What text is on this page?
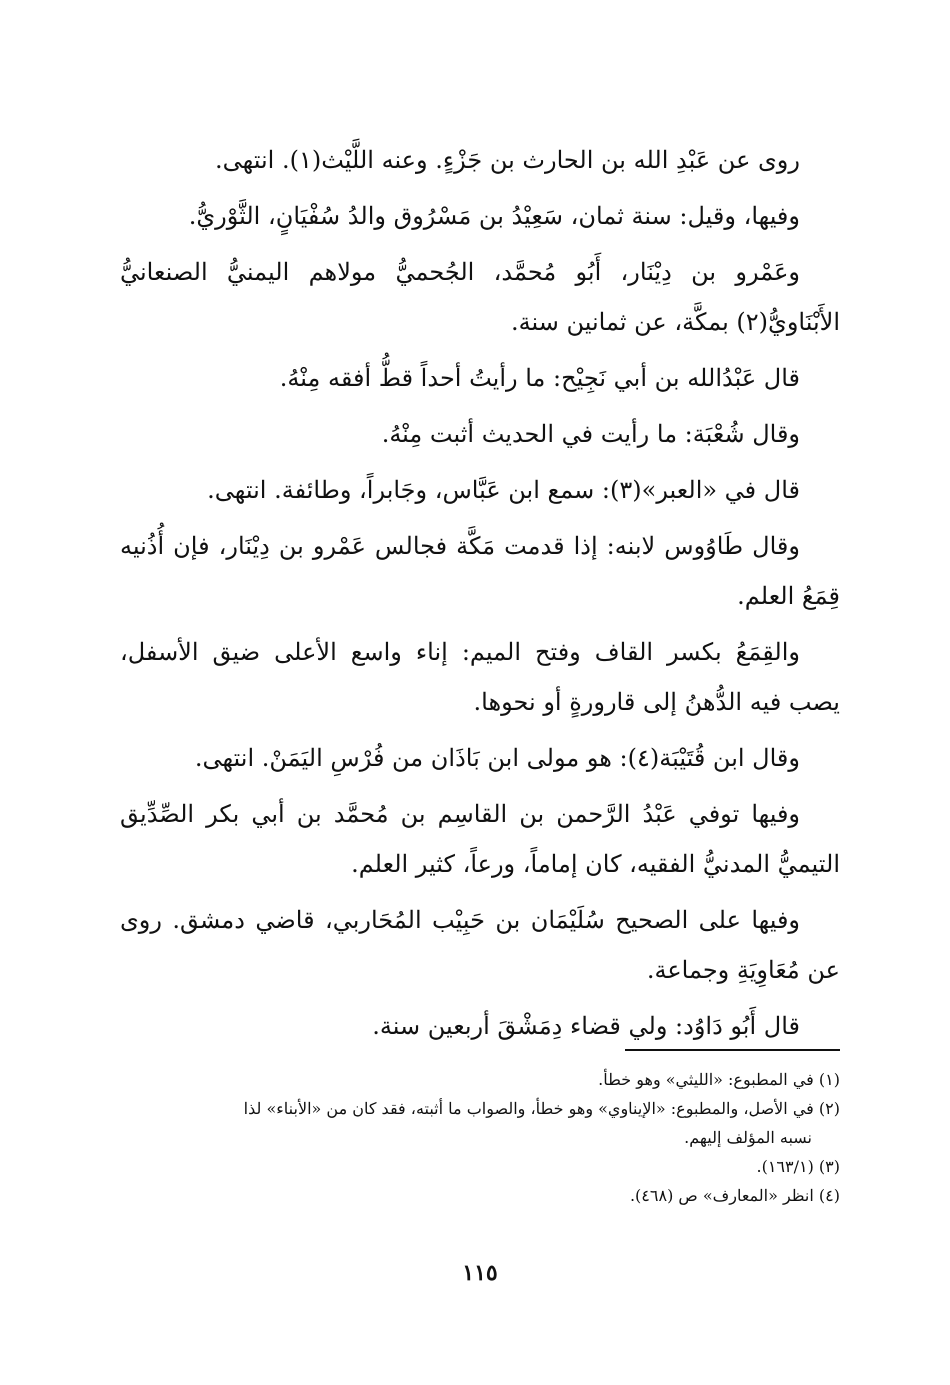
روى عن عَبْدِ الله بن الحارث بن جَزْءٍ. وعنه اللَّيْث(١). انتهى.

وفيها، وقيل: سنة ثمان، سَعِيْدُ بن مَسْرُوق والدُ سُفْيَانٍ، الثَّوْريُّ.

وعَمْرو بن دِيْنَار، أَبُو مُحمَّد، الجُحميُّ مولاهم اليمنيُّ الصنعانيُّ الأَبْنَاويُّ(٢) بمكَّة، عن ثمانين سنة.

قال عَبْدُالله بن أبي نَجِيْح: ما رأيتُ أحداً قطُّ أفقه مِنْهُ.

وقال شُعْبَة: ما رأيت في الحديث أثبت مِنْهُ.

قال في «العبر»(٣): سمع ابن عَبَّاس، وجَابراً، وطائفة. انتهى.

وقال طَاوُوس لابنه: إذا قدمت مَكَّة فجالس عَمْرو بن دِيْنَار، فإن أُذُنيه قِمَعُ العلم.

والقِمَعُ بكسر القاف وفتح الميم: إناء واسع الأعلى ضيق الأسفل، يصب فيه الدُّهنُ إلى قارورةٍ أو نحوها.

وقال ابن قُتَيْبَة(٤): هو مولى ابن بَاذَان من فُرْسِ اليَمَنْ. انتهى.

وفيها توفي عَبْدُ الرَّحمن بن القاسِم بن مُحمَّد بن أبي بكر الصِّدِّيق التيميُّ المدنيُّ الفقيه، كان إماماً، ورعاً، كثير العلم.

وفيها على الصحيح سُلَيْمَان بن حَبِيْب المُحَاربي، قاضي دمشق. روى عن مُعَاوِيَةِ وجماعة.

قال أَبُو دَاوُد: ولي قضاء دِمَشْقَ أربعين سنة.

(١) في المطبوع: «الليثي» وهو خطأ.

(٢) في الأصل، والمطبوع: «الإيناوي» وهو خطأ، والصواب ما أثبته، فقد كان من «الأبناء» لذا

نسبه المؤلف إليهم.

(٣) (١٦٣/١).

(٤) انظر «المعارف» ص (٤٦٨).

١١٥
